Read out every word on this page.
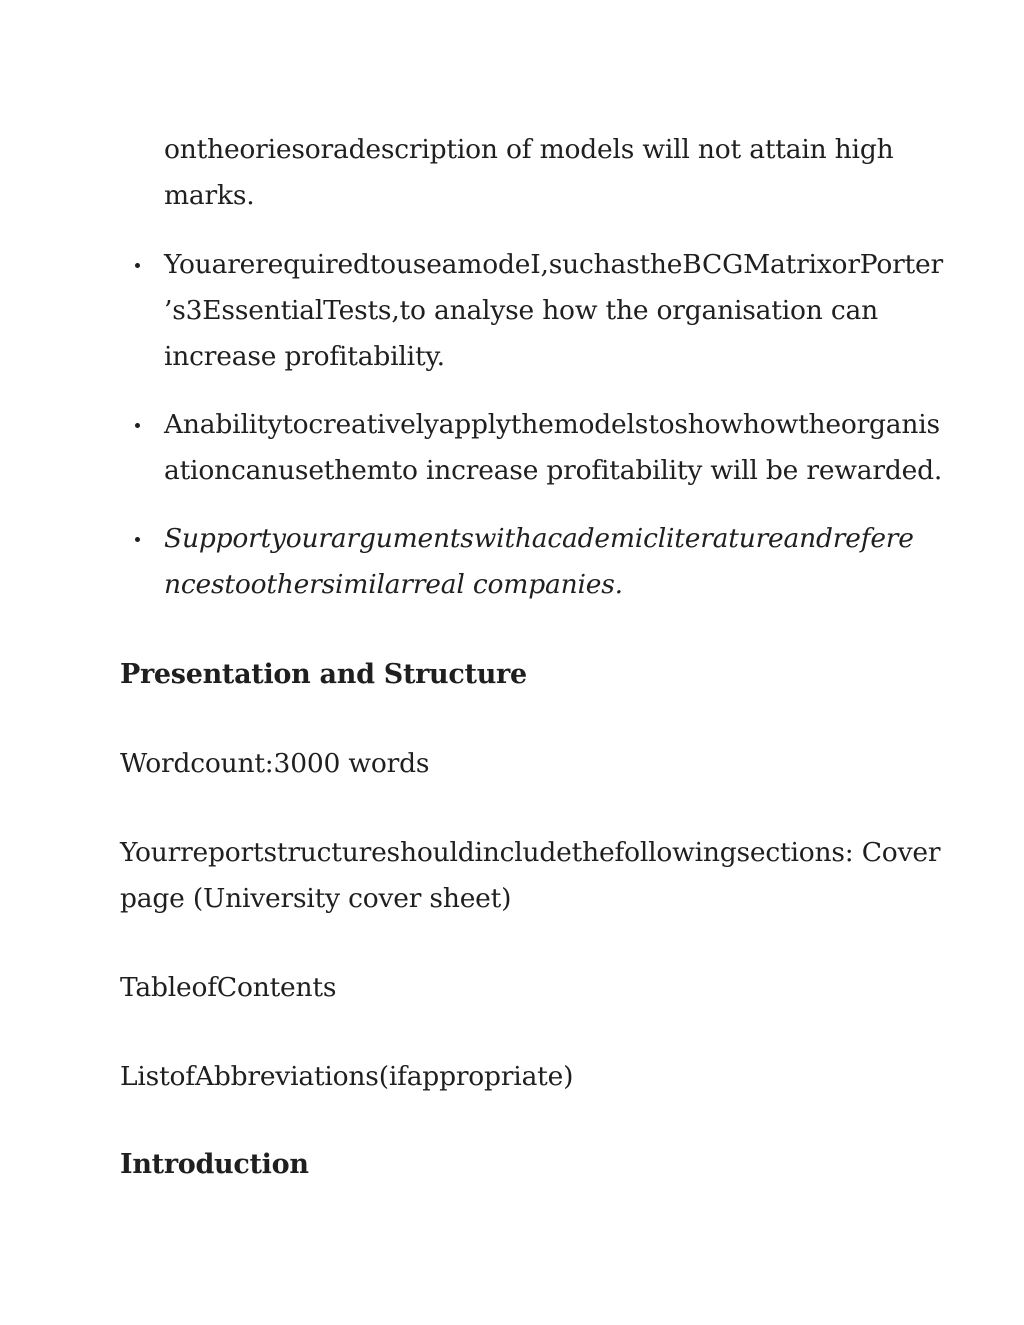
ontheoriesoradescription of models will not attain high
marks.
YouarerequiredtouseamodeI,suchastheBCGMatrixorPorter
’s3EssentialTests,to analyse how the organisation can
increase profitability.
Anabilitytocreativelyapplythemodelstoshowhowtheorganis
ationcanusethemto increase profitability will be rewarded.
Supportyourargumentswithacademicliteratureandrefere
ncestoothersimilarreal companies.
Presentation and Structure

Wordcount:3000 words

Yourreportstructureshouldincludethefollowingsections: Cover
page (University cover sheet)

TableofContents

ListofAbbreviations(ifappropriate)

Introduction
